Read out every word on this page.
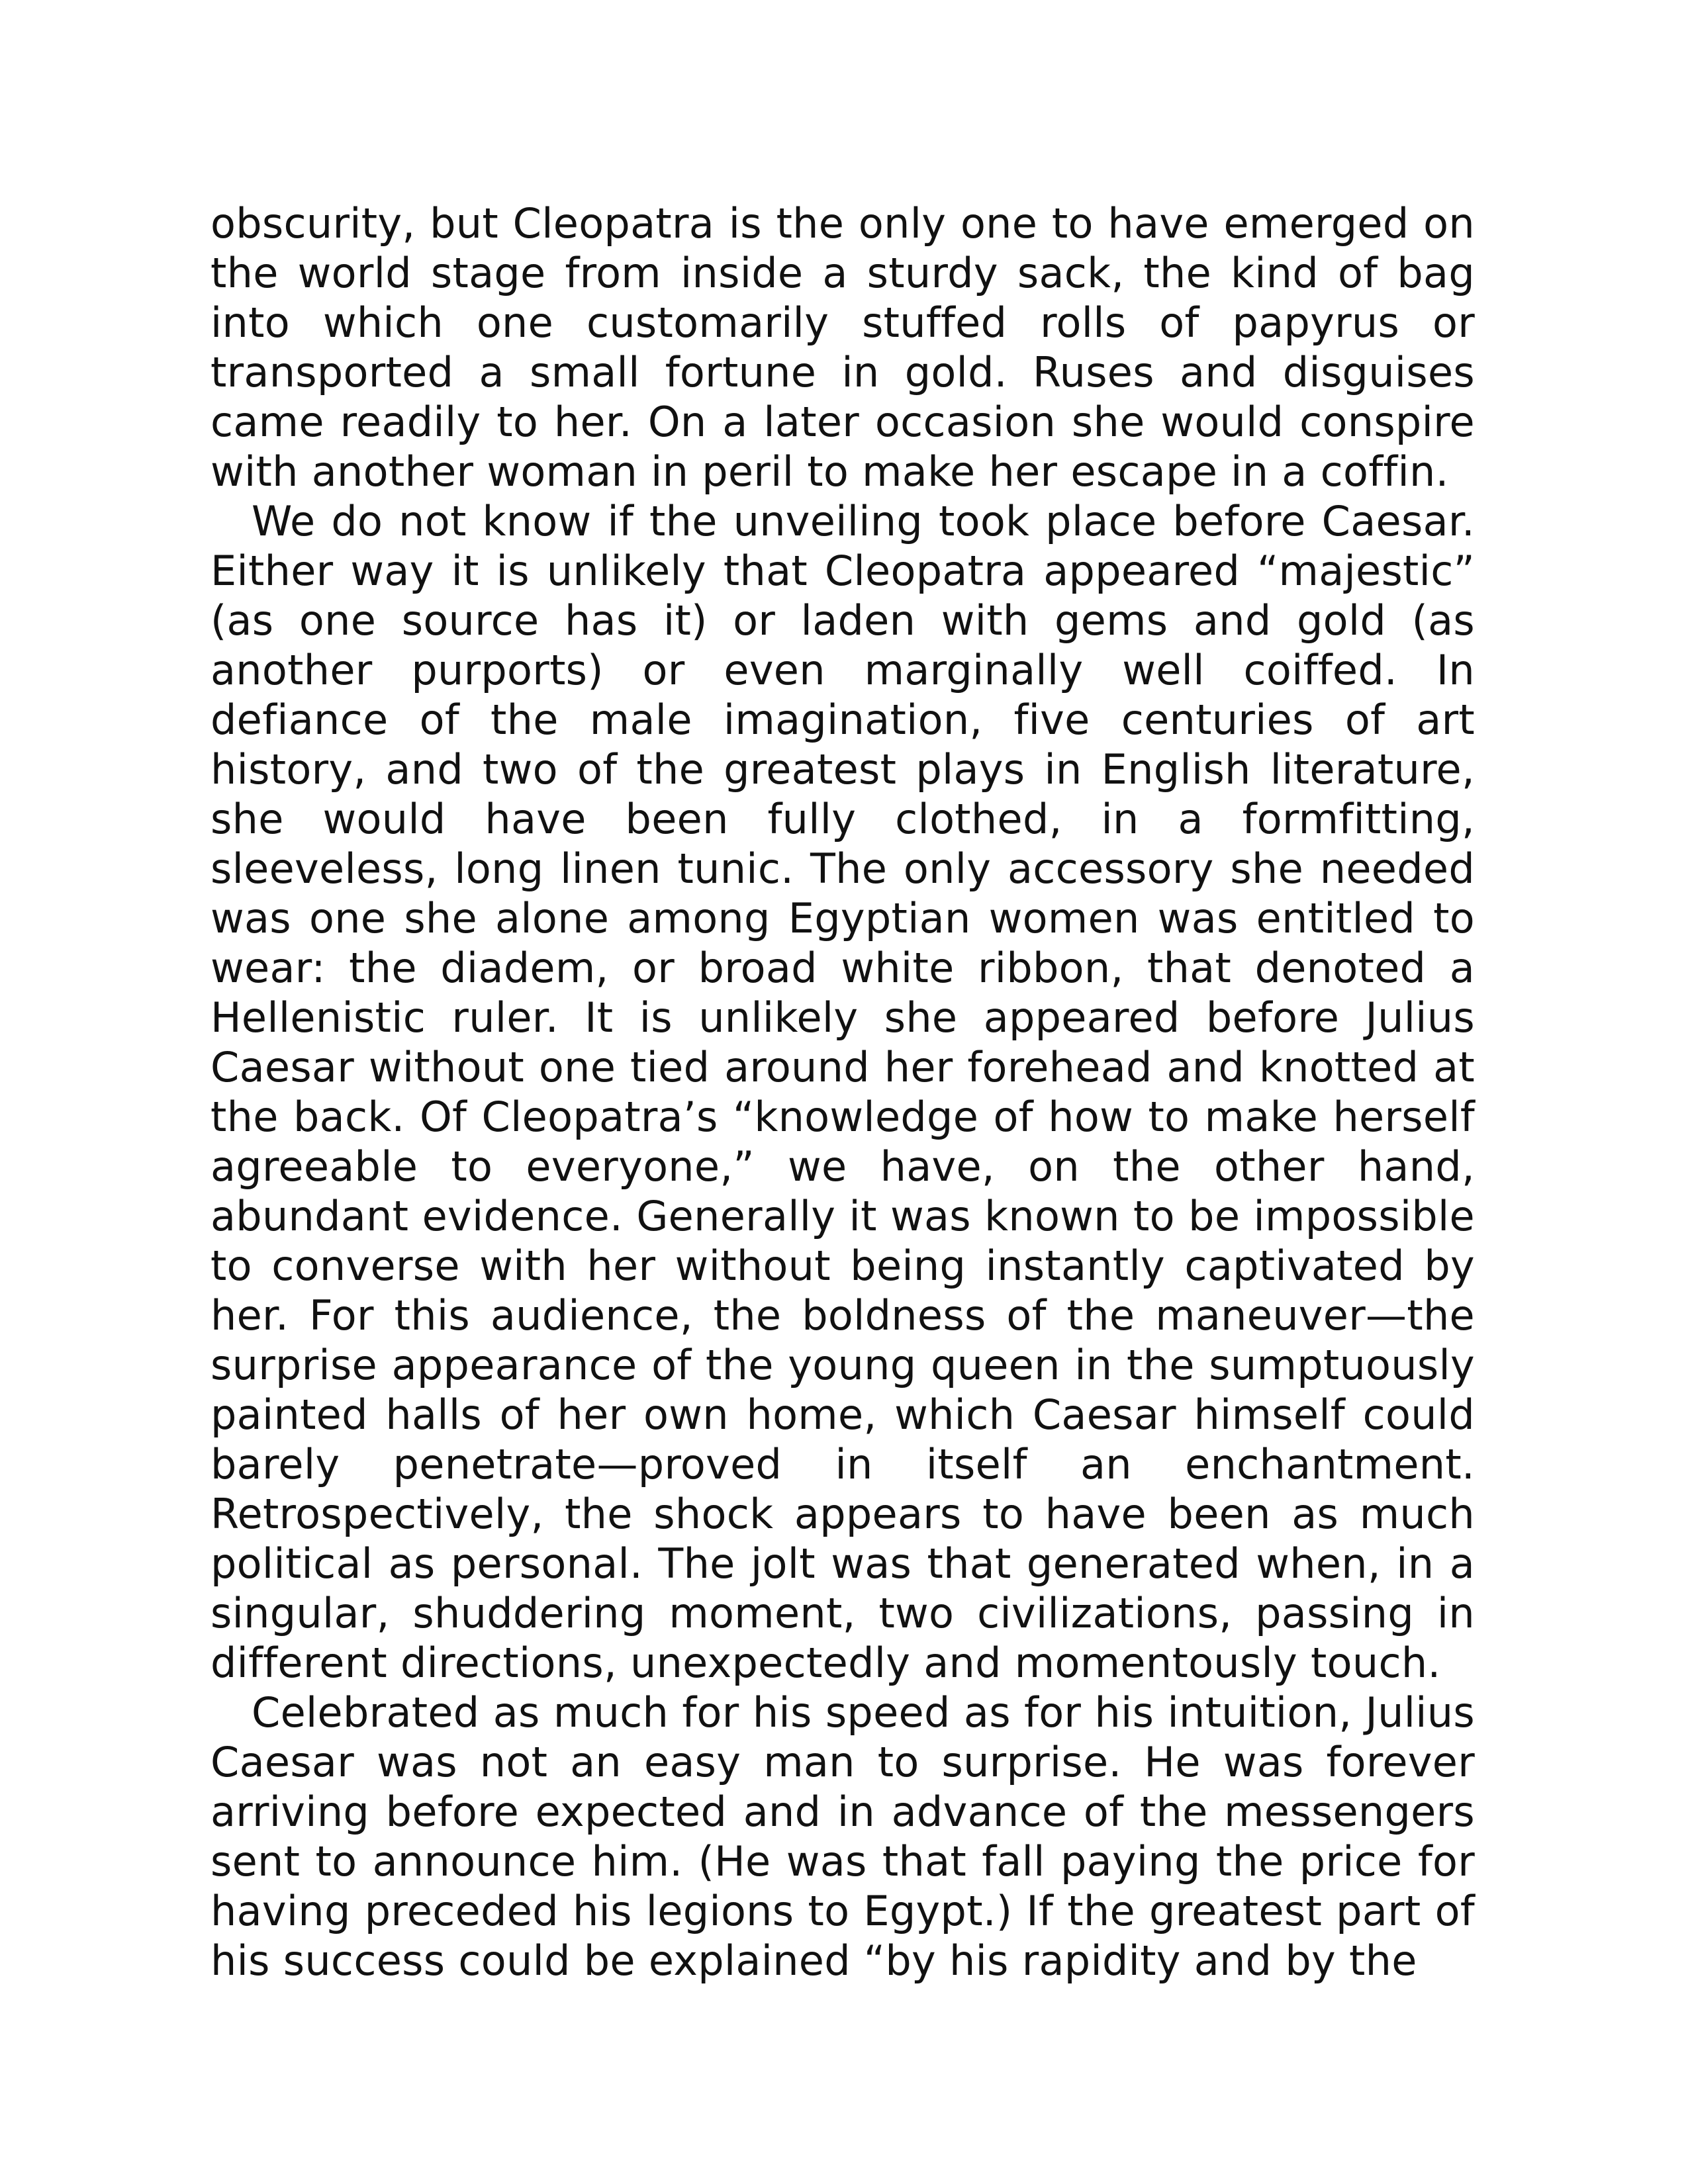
obscurity, but Cleopatra is the only one to have emerged on the world stage from inside a sturdy sack, the kind of bag into which one customarily stuffed rolls of papyrus or transported a small fortune in gold. Ruses and disguises came readily to her. On a later occasion she would conspire with another woman in peril to make her escape in a coffin.

We do not know if the unveiling took place before Caesar. Either way it is unlikely that Cleopatra appeared “majestic” (as one source has it) or laden with gems and gold (as another purports) or even marginally well coiffed. In defiance of the male imagination, five centuries of art history, and two of the greatest plays in English literature, she would have been fully clothed, in a formfitting, sleeveless, long linen tunic. The only accessory she needed was one she alone among Egyptian women was entitled to wear: the diadem, or broad white ribbon, that denoted a Hellenistic ruler. It is unlikely she appeared before Julius Caesar without one tied around her forehead and knotted at the back. Of Cleopatra’s “knowledge of how to make herself agreeable to everyone,” we have, on the other hand, abundant evidence. Generally it was known to be impossible to converse with her without being instantly captivated by her. For this audience, the boldness of the maneuver—the surprise appearance of the young queen in the sumptuously painted halls of her own home, which Caesar himself could barely penetrate—proved in itself an enchantment. Retrospectively, the shock appears to have been as much political as personal. The jolt was that generated when, in a singular, shuddering moment, two civilizations, passing in different directions, unexpectedly and momentously touch.

Celebrated as much for his speed as for his intuition, Julius Caesar was not an easy man to surprise. He was forever arriving before expected and in advance of the messengers sent to announce him. (He was that fall paying the price for having preceded his legions to Egypt.) If the greatest part of his success could be explained “by his rapidity and by the
